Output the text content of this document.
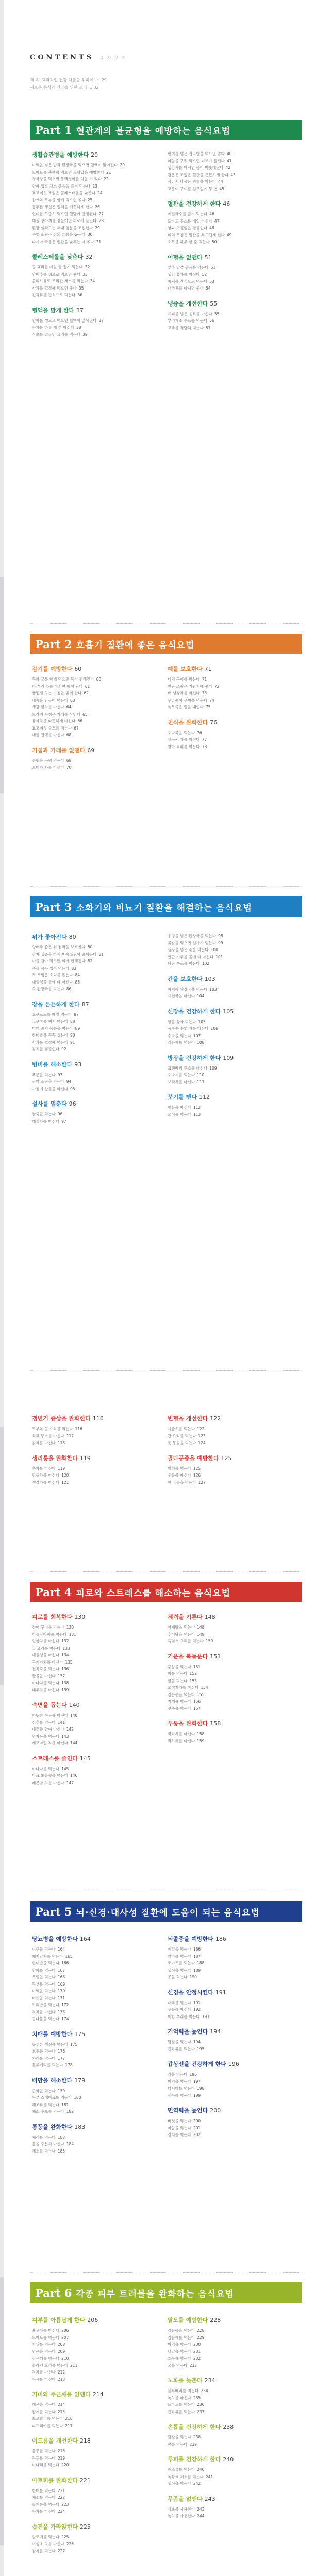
CONTENTS 목 차 보 기
책 속 ‘효과적인 건강 차를을 위하여’ ... 29
새로운 음식과 건강을 위한 조리 ... 32
Part 1 혈관계의 불균형을 예방하는 음식요법
생활습관병을 예방한다 20
미역을 넣은 밥과 된장국을 먹으면 혈액이 맑아진다 20
토마토를 충분히 먹으면 고혈압을 예방한다 21
청국장을 먹으면 동맥경화를 막을 수 있다 22
양파 껍질 채소 볶음을 즐겨 먹는다 23
표고버섯 조림은 콜레스테롤을 낮춘다 24
참깨와 두부를 함께 먹으면 좋다 25
등푸른 생선은 혈액을 깨끗하게 한다 26
현미를 꾸준히 먹으면 혈당이 안정된다 27
매실 장아찌를 곁들이면 피로가 풀린다 28
된장 샐러드는 체내 염분을 조절한다 29
우엉 조림은 장의 흐름을 돕는다 30
다시마 국물은 혈압을 낮추는 데 좋다 31
콜레스테롤을 낮춘다 32
콩 요리를 매일 한 접시 먹는다 32
양배추를 생으로 먹으면 좋다 33
올리브유로 조리한 채소를 먹는다 34
사과를 껍질째 먹으면 좋다 35
견과류를 간식으로 먹는다 36
혈액을 맑게 한다 37
양파를 생으로 먹으면 혈액이 맑아진다 37
녹차를 하루 세 잔 마신다 38
식초를 곁들인 요리를 먹는다 39
현미를 넣은 잡곡밥을 먹으면 좋다 40
마늘을 구워 먹으면 피로가 풀린다 41
생강차를 마시면 몸이 따뜻해진다 42
검은콩 조림은 혈관을 튼튼하게 한다 43
시금치 나물은 빈혈을 막는다 44
고등어 구이를 일주일에 두 번 45
혈관을 건강하게 한다 46
메밀국수를 즐겨 먹는다 46
토마토 주스를 매일 마신다 47
양파 초절임을 곁들인다 48
미역 무침은 혈관을 부드럽게 한다 49
호두를 하루 한 줌 먹는다 50
어혈을 없앤다 51
부추 달걀 볶음을 먹는다 51
생강 홍차를 마신다 52
쑥떡을 간식으로 먹는다 53
대추차를 마시면 좋다 54
냉증을 개선한다 55
계피를 넣은 음료를 마신다 55
뿌리채소 수프를 먹는다 56
고추를 적당히 먹는다 57
Part 2 호흡기 질환에 좋은 음식요법
감기를 예방한다 60
무와 꿀을 함께 먹으면 목이 편해진다 60
파 뿌리 차를 마시면 땀이 난다 61
귤껍질 차는 기침을 멎게 한다 62
배숙을 만들어 먹는다 63
생강 꿀차를 마신다 64
도라지 무침은 가래를 삭인다 65
유자차를 따뜻하게 마신다 66
표고버섯 수프를 먹는다 67
매실 진액을 마신다 68
기침과 가래를 없앤다 69
은행을 구워 먹는다 69
오미자 차를 마신다 70
폐를 보호한다 71
더덕 구이를 먹는다 71
연근 조림은 기관지에 좋다 72
배 생강차를 마신다 73
무말랭이 무침을 먹는다 74
녹두죽은 열을 내린다 75
천식을 완화한다 76
호박죽을 먹는다 76
살구씨 차를 마신다 77
참마 요리를 먹는다 78
Part 3 소화기와 비뇨기 질환을 해결하는 음식요법
위가 좋아진다 80
양배추 즙은 위 점막을 보호한다 80
감자 생즙을 마시면 속쓰림이 줄어든다 81
마를 갈아 먹으면 위가 편해진다 82
죽을 꼭꼭 씹어 먹는다 83
무 조림은 소화를 돕는다 84
매실청을 물에 타 마신다 85
쑥 된장국을 먹는다 86
장을 튼튼하게 한다 87
요구르트를 매일 먹는다 87
고구마를 쪄서 먹는다 88
미역 줄기 볶음을 먹는다 89
현미밥을 꼭꼭 씹는다 90
사과를 껍질째 먹는다 91
김치를 곁들인다 92
변비를 해소한다 93
푸룬을 먹는다 93
곤약 조림을 먹는다 94
아침에 찬물을 마신다 95
설사를 멈춘다 96
쌀죽을 먹는다 96
매실차를 마신다 97
우엉을 넣은 된장국을 먹는다 98
곶감을 먹으면 설사가 멎는다 99
생강을 넣은 죽을 먹는다 100
연근 가루를 물에 타 마신다 101
당근 수프를 먹는다 102
간을 보호한다 103
바지락 된장국을 먹는다 103
재첩국을 마신다 104
신장을 건강하게 한다 105
팥을 삶아 먹는다 105
옥수수 수염 차를 마신다 106
수박을 먹는다 107
검은깨를 먹는다 108
방광을 건강하게 한다 109
크랜베리 주스를 마신다 109
호박씨를 먹는다 110
보리차를 마신다 111
붓기를 뺀다 112
팥물을 마신다 112
오이를 먹는다 113
갱년기 증상을 완화한다 116
두부와 콩 요리를 먹는다 116
석류 주스를 마신다 117
칡차를 마신다 118
생리통을 완화한다 119
쑥차를 마신다 119
당귀차를 마신다 120
생강차를 마신다 121
빈혈을 개선한다 122
시금치를 먹는다 122
간 요리를 먹는다 123
톳 무침을 먹는다 124
골다공증을 예방한다 125
멸치를 먹는다 125
우유를 마신다 126
뼈 국물을 먹는다 127
Part 4 피로와 스트레스를 해소하는 음식요법
피로를 회복한다 130
장어 구이를 먹는다 130
마늘장아찌를 먹는다 131
인삼차를 마신다 132
굴 요리를 먹는다 133
매실청을 마신다 134
구기자차를 마신다 135
전복죽을 먹는다 136
꿀물을 마신다 137
바나나를 먹는다 138
대추차를 마신다 139
숙면을 돕는다 140
따뜻한 우유를 마신다 140
상추를 먹는다 141
대추를 달여 마신다 142
연자육을 먹는다 143
캐모마일 차를 마신다 144
스트레스를 줄인다 145
바나나를 먹는다 145
다크 초콜릿을 먹는다 146
레몬밤 차를 마신다 147
체력을 기른다 148
삼계탕을 먹는다 148
추어탕을 먹는다 149
흑염소 요리를 먹는다 150
기운을 북돋운다 151
홍삼을 먹는다 151
마를 먹는다 152
꿀을 먹는다 153
오미자차를 마신다 154
검은콩을 먹는다 155
참깨를 먹는다 156
잣죽을 먹는다 157
두통을 완화한다 158
국화차를 마신다 158
박하차를 마신다 159
Part 5 뇌·신경·대사성 질환에 도움이 되는 음식요법
당뇨병을 예방한다 164
여주를 먹는다 164
돼지감자를 먹는다 165
현미밥을 먹는다 166
양파를 먹는다 167
우엉을 먹는다 168
두부를 먹는다 169
미역을 먹는다 170
버섯을 먹는다 171
보리밥을 먹는다 172
녹차를 마신다 173
콩나물을 먹는다 174
치매를 예방한다 175
등푸른 생선을 먹는다 175
호두를 먹는다 176
카레를 먹는다 177
블루베리를 먹는다 178
비만을 해소한다 179
곤약을 먹는다 179
두부 스테이크를 먹는다 180
해조류를 먹는다 181
채소 수프를 먹는다 182
통풍을 완화한다 183
체리를 먹는다 183
물을 충분히 마신다 184
채소를 먹는다 185
뇌졸중을 예방한다 186
메밀을 먹는다 186
양파를 먹는다 187
토마토를 먹는다 188
생선을 먹는다 189
콩을 먹는다 190
신경을 안정시킨다 191
대추를 먹는다 191
우유를 마신다 192
백합 뿌리를 먹는다 193
기억력을 높인다 194
달걀을 먹는다 194
견과류를 먹는다 195
갑상선을 건강하게 한다 196
김을 먹는다 196
미역을 먹는다 197
다시마를 먹는다 198
새우를 먹는다 199
면역력을 높인다 200
버섯을 먹는다 200
마늘을 먹는다 201
김치를 먹는다 202
Part 6 각종 피부 트러블을 완화하는 음식요법
피부를 아름답게 한다 206
율무차를 마신다 206
토마토를 먹는다 207
키위를 먹는다 208
연근을 먹는다 209
검은깨를 먹는다 210
콜라겐 요리를 먹는다 211
녹차를 마신다 212
두유를 마신다 213
기미와 주근깨를 없앤다 214
레몬을 먹는다 214
딸기를 먹는다 215
브로콜리를 먹는다 216
파프리카를 먹는다 217
여드름을 개선한다 218
율무를 먹는다 218
녹두를 먹는다 219
미나리를 먹는다 220
아토피를 완화한다 221
현미를 먹는다 221
채소를 먹는다 222
들기름을 먹는다 223
녹차를 마신다 224
습진을 가라앉힌다 225
알로에를 먹는다 225
어성초 차를 마신다 226
감자를 먹는다 227
탈모를 예방한다 228
검은콩을 먹는다 228
검은깨를 먹는다 229
미역을 먹는다 230
달걀을 먹는다 231
호두를 먹는다 232
굴을 먹는다 233
노화를 늦춘다 234
블루베리를 먹는다 234
녹차를 마신다 235
토마토를 먹는다 236
견과류를 먹는다 237
손톱을 건강하게 한다 238
달걀을 먹는다 238
콩을 먹는다 239
두피를 건강하게 한다 240
해조류를 먹는다 240
녹황색 채소를 먹는다 241
생선을 먹는다 242
무좀을 없앤다 243
식초를 사용한다 243
녹차를 사용한다 244
